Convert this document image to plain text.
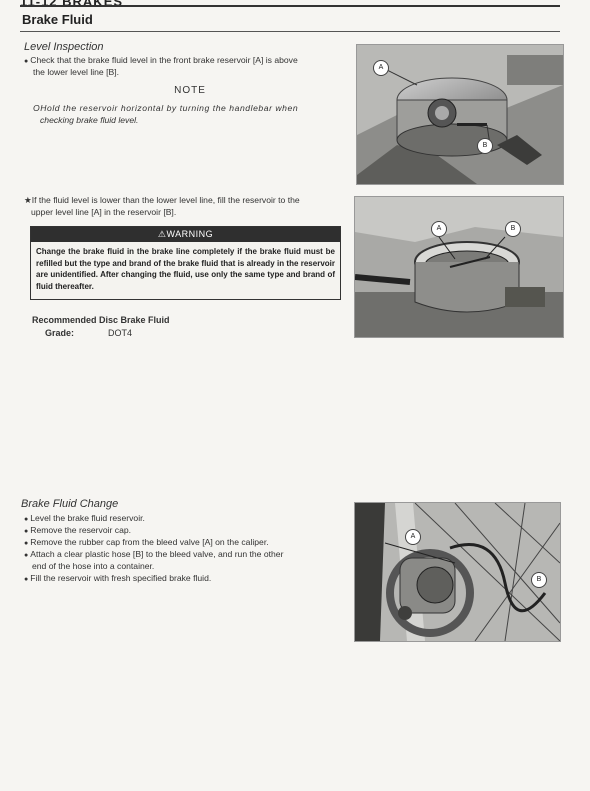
Brake Fluid
Level Inspection
● Check that the brake fluid level in the front brake reservoir [A] is above
the lower level line [B].
NOTE
OHold the reservoir horizontal by turning the handlebar when
checking brake fluid level.
★If the fluid level is lower than the lower level line, fill the reservoir to the
upper level line [A] in the reservoir [B].
⚠WARNING
Change the brake fluid in the brake line completely if the brake fluid must be refilled but the type and brand of the brake fluid that is already in the reservoir are unidentified. After changing the fluid, use only the same type and brand of fluid thereafter.
Recommended Disc Brake Fluid
Grade:	DOT4
A
B
A	B
Brake Fluid Change
● Level the brake fluid reservoir.
● Remove the reservoir cap.
● Remove the rubber cap from the bleed valve [A] on the caliper.
● Attach a clear plastic hose [B] to the bleed valve, and run the other
end of the hose into a container.
● Fill the reservoir with fresh specified brake fluid.
A
B
